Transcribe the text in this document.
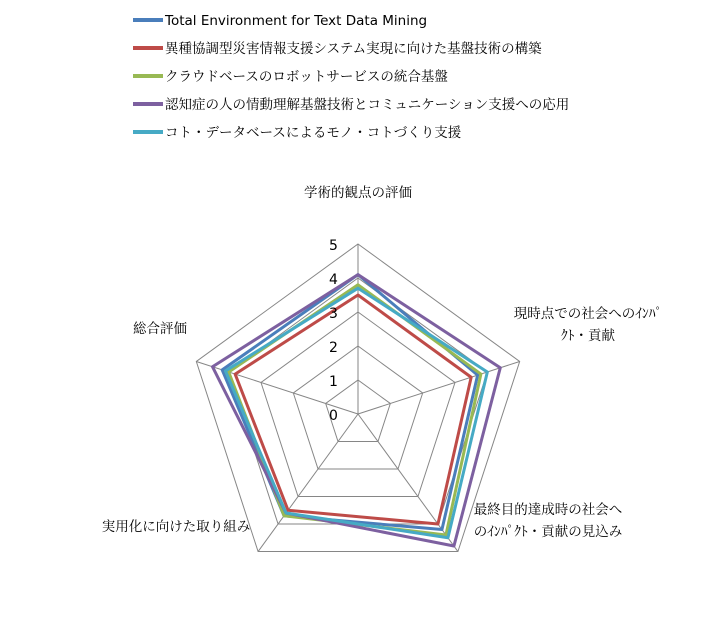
Total Environment for Text Data Mining
異種協調型災害情報支援システム実現に向けた基盤技術の構築
クラウドベースのロボットサービスの統合基盤
認知症の人の情動理解基盤技術とコミュニケーション支援への応用
コト・データベースによるモノ・コトづくり支援
0
1
2
3
4
5
学術的観点の評価
現時点での社会へのｲﾝﾊﾟ
ｸﾄ・貢献
最終目的達成時の社会へ
のｲﾝﾊﾟｸﾄ・貢献の見込み
実用化に向けた取り組み
総合評価
